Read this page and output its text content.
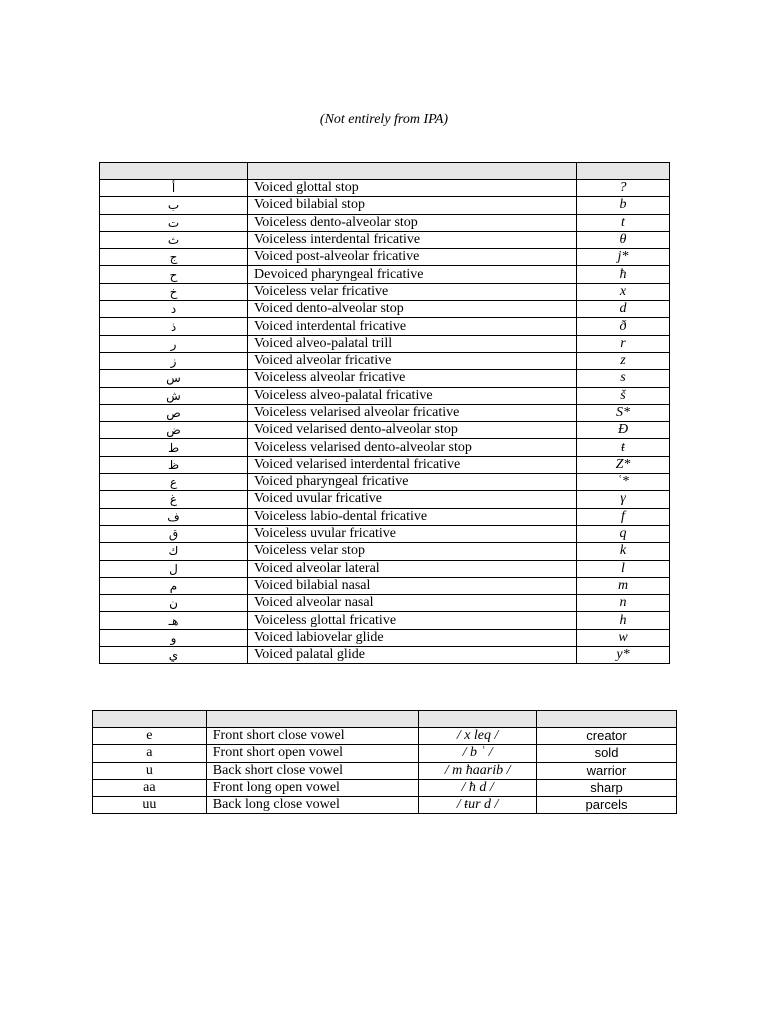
(Not entirely from IPA)

أ	Voiced glottal stop	?
ب	Voiced bilabial stop	b
ت	Voiceless dento-alveolar stop	t
ث	Voiceless interdental fricative	θ
ج	Voiced post-alveolar fricative	j*
ح	Devoiced pharyngeal fricative	ħ
خ	Voiceless velar fricative	x
د	Voiced dento-alveolar stop	d
ذ	Voiced interdental fricative	ð
ر	Voiced alveo-palatal trill	r
ز	Voiced alveolar fricative	z
س	Voiceless alveolar fricative	s
ش	Voiceless alveo-palatal fricative	š
ص	Voiceless velarised alveolar fricative	S*
ض	Voiced velarised dento-alveolar stop	Đ
ط	Voiceless velarised dento-alveolar stop	ŧ
ظ	Voiced velarised interdental fricative	Z*
ع	Voiced pharyngeal fricative	ʿ*
غ	Voiced uvular fricative	γ
ف	Voiceless labio-dental fricative	f
ق	Voiceless uvular fricative	q
ك	Voiceless velar stop	k
ل	Voiced alveolar lateral	l
م	Voiced bilabial nasal	m
ن	Voiced alveolar nasal	n
هـ	Voiceless glottal fricative	h
و	Voiced labiovelar glide	w
ي	Voiced palatal glide	y*

e	Front short close vowel	/ x leq /	creator
a	Front short open vowel	/ b ʿ /	sold
u	Back short close vowel	/ m ħaarib /	warrior
aa	Front long open vowel	/ ħ d /	sharp
uu	Back long close vowel	/ ŧur d /	parcels
